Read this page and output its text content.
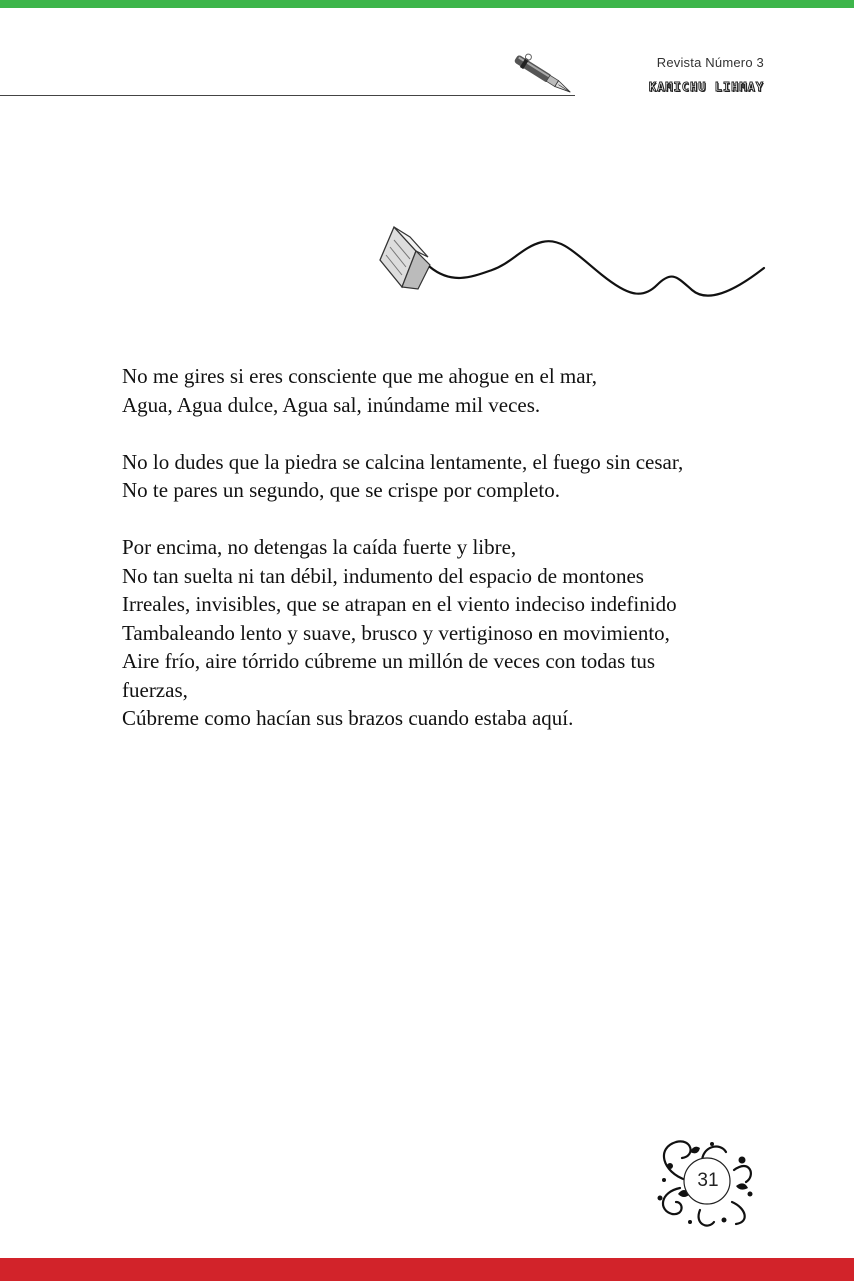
Revista Número 3
KAMICHU LIHMAY
No me gires si eres consciente que me ahogue en el mar,
Agua, Agua dulce, Agua sal, inúndame mil veces.
No lo dudes que la piedra se calcina lentamente, el fuego sin cesar,
No te pares un segundo, que se crispe por completo.
Por encima, no detengas la caída fuerte y libre,
No tan suelta ni tan débil, indumento del espacio de montones
Irreales, invisibles, que se atrapan en el viento indeciso indefinido
Tambaleando lento y suave, brusco y vertiginoso en movimiento,
Aire frío, aire tórrido cúbreme un millón de veces con todas tus
fuerzas,
Cúbreme como hacían sus brazos cuando estaba aquí.
31
